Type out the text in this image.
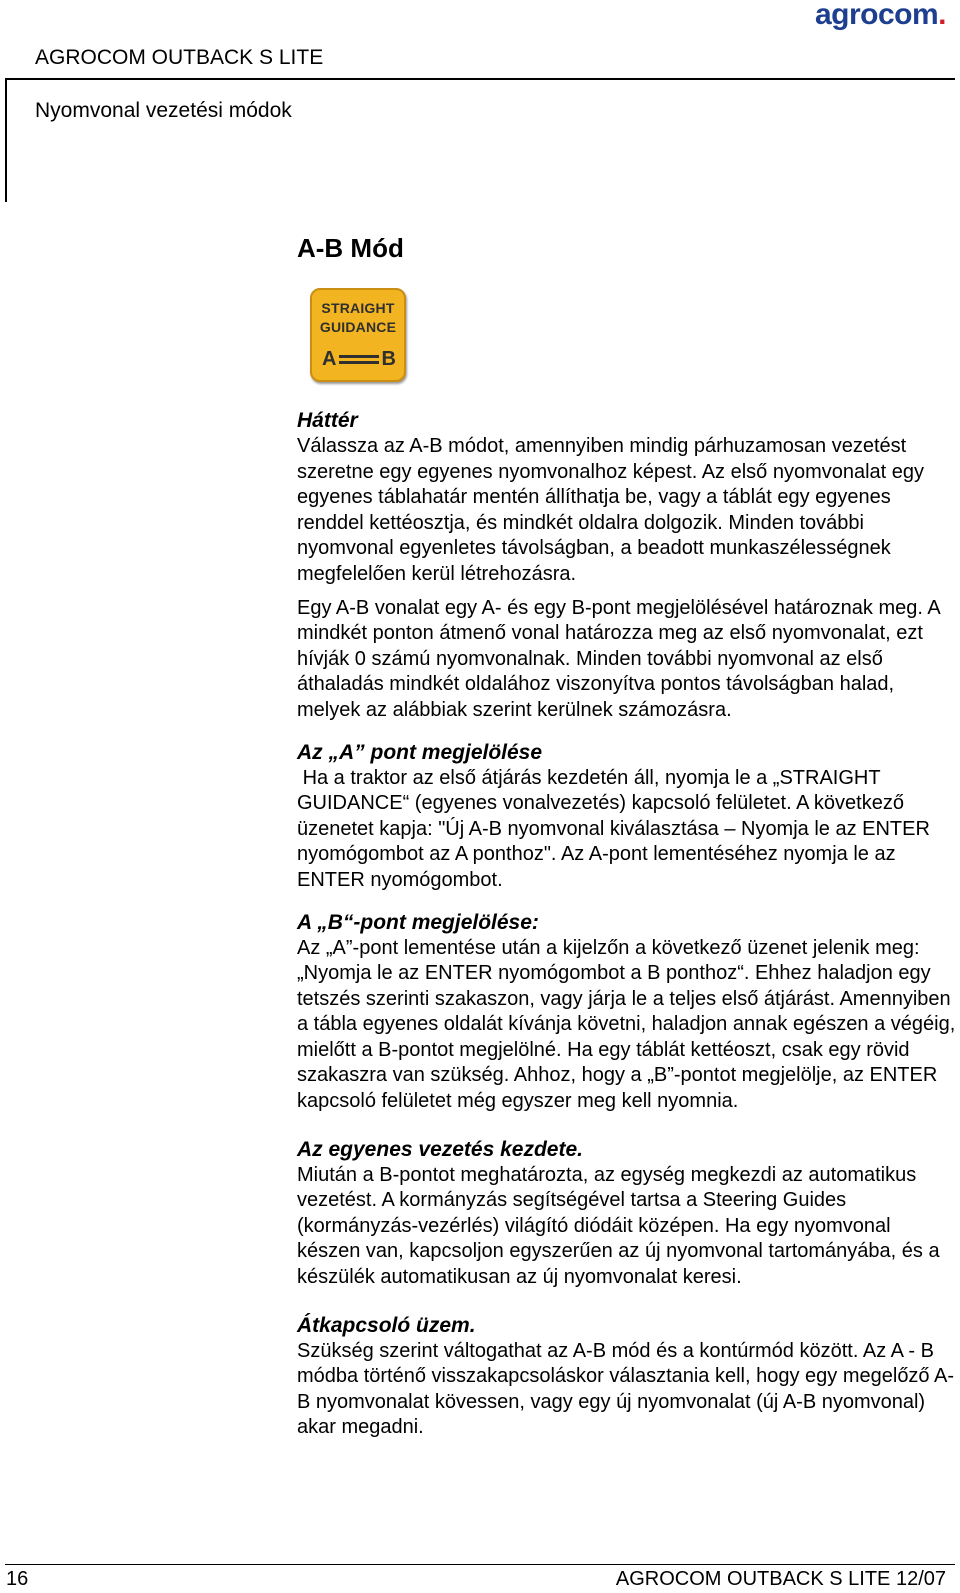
agrocom.
AGROCOM OUTBACK S LITE
Nyomvonal vezetési módok
A-B Mód
STRAIGHT
GUIDANCE
A B
Háttér

Válassza az A-B módot, amennyiben mindig párhuzamosan vezetést szeretne egy egyenes nyomvonalhoz képest. Az első nyomvonalat egy egyenes táblahatár mentén állíthatja be, vagy a táblát egy egyenes renddel kettéosztja, és mindkét oldalra dolgozik. Minden további nyomvonal egyenletes távolságban, a beadott munkaszélességnek megfelelően kerül létrehozásra.

Egy A-B vonalat egy A- és egy B-pont megjelölésével határoznak meg. A mindkét ponton átmenő vonal határozza meg az első nyomvonalat, ezt hívják 0 számú nyomvonalnak. Minden további nyomvonal az első áthaladás mindkét oldalához viszonyítva pontos távolságban halad, melyek az alábbiak szerint kerülnek számozásra.

Az „A” pont megjelölése

Ha a traktor az első átjárás kezdetén áll, nyomja le a „STRAIGHT GUIDANCE“ (egyenes vonalvezetés) kapcsoló felületet. A következő üzenetet kapja: "Új A-B nyomvonal kiválasztása – Nyomja le az ENTER nyomógombot az A ponthoz". Az A-pont lementéséhez nyomja le az ENTER nyomógombot.

A „B“-pont megjelölése:

Az „A”-pont lementése után a kijelzőn a következő üzenet jelenik meg: „Nyomja le az ENTER nyomógombot a B ponthoz“. Ehhez haladjon egy tetszés szerinti szakaszon, vagy járja le a teljes első átjárást. Amennyiben a tábla egyenes oldalát kívánja követni, haladjon annak egészen a végéig, mielőtt a B-pontot megjelölné. Ha egy táblát kettéoszt, csak egy rövid szakaszra van szükség. Ahhoz, hogy a „B”-pontot megjelölje, az ENTER kapcsoló felületet még egyszer meg kell nyomnia.

Az egyenes vezetés kezdete.

Miután a B-pontot meghatározta, az egység megkezdi az automatikus vezetést. A kormányzás segítségével tartsa a Steering Guides (kormányzás-vezérlés) világító diódáit középen. Ha egy nyomvonal készen van, kapcsoljon egyszerűen az új nyomvonal tartományába, és a készülék automatikusan az új nyomvonalat keresi.

Átkapcsoló üzem.

Szükség szerint váltogathat az A-B mód és a kontúrmód között. Az A - B módba történő visszakapcsoláskor választania kell, hogy egy megelőző A-B nyomvonalat kövessen, vagy egy új nyomvonalat (új A-B nyomvonal) akar megadni.

16	AGROCOM OUTBACK S LITE 12/07
